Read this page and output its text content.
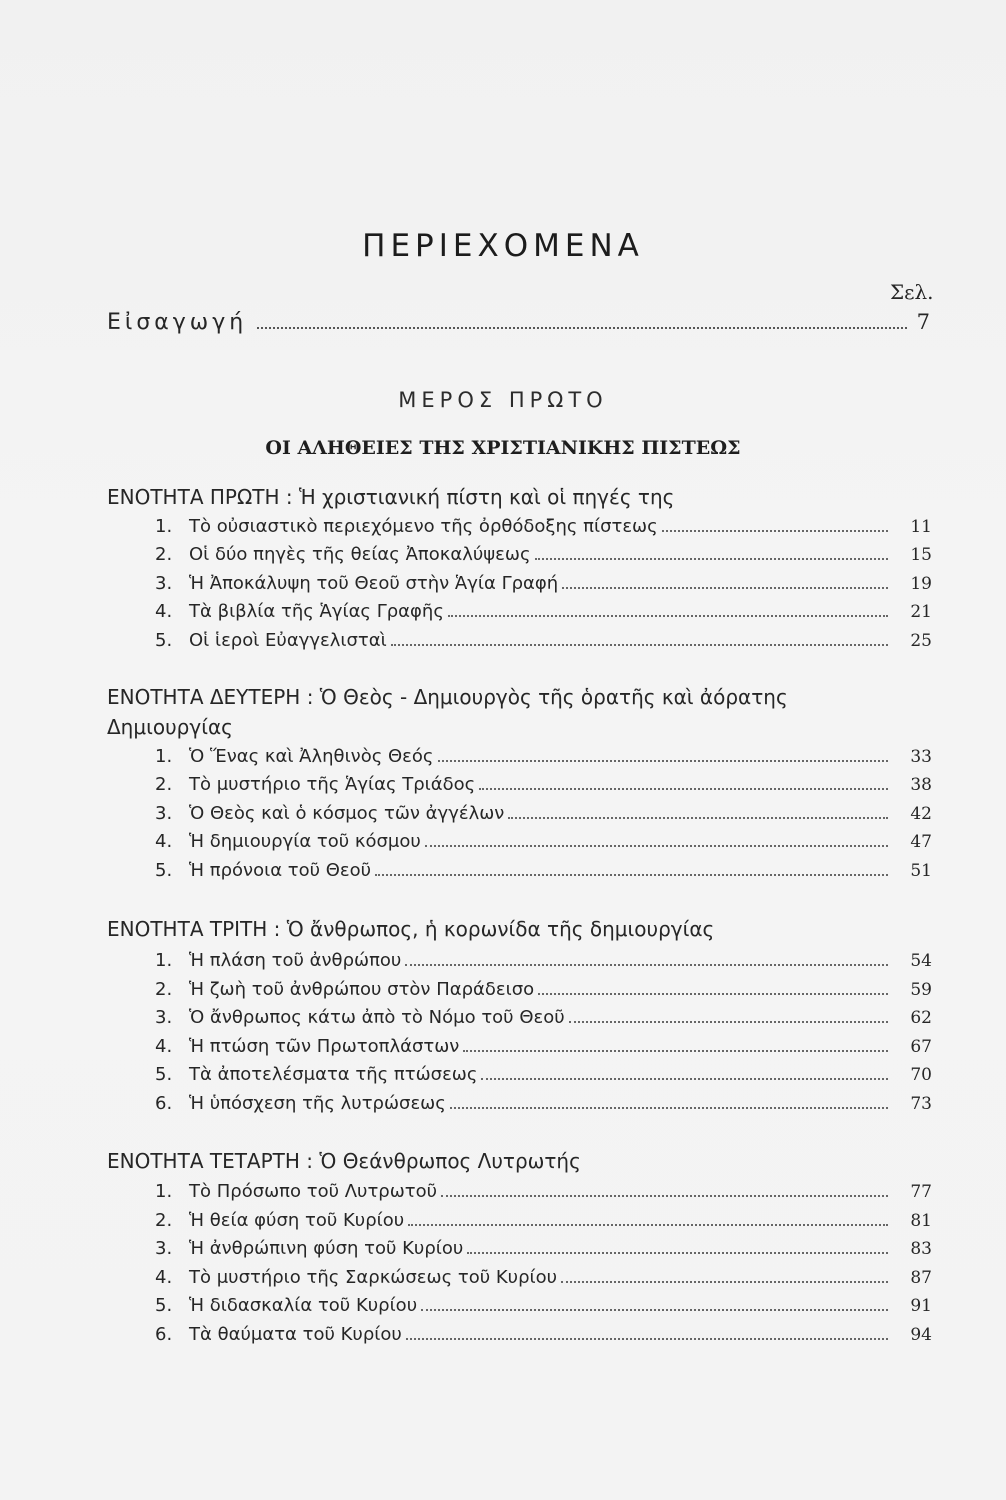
ΠΕΡΙΕΧΟΜΕΝΑ
Σελ.
Εἰσαγωγή	7
ΜΕΡΟΣ ΠΡΩΤΟ
ΟΙ ΑΛΗΘΕΙΕΣ ΤΗΣ ΧΡΙΣΤΙΑΝΙΚΗΣ ΠΙΣΤΕΩΣ
ΕΝΟΤΗΤΑ ΠΡΩΤΗ : Ἡ χριστιανική πίστη καὶ οἱ πηγές της
1. Τὸ οὐσιαστικὸ περιεχόμενο τῆς ὀρθόδοξης πίστεως	11
2. Οἱ δύο πηγὲς τῆς θείας Ἀποκαλύψεως	15
3. Ἡ Ἀποκάλυψη τοῦ Θεοῦ στὴν Ἁγία Γραφή	19
4. Τὰ βιβλία τῆς Ἁγίας Γραφῆς	21
5. Οἱ ἱεροὶ Εὐαγγελισταὶ	25
ΕΝΟΤΗΤΑ ΔΕΥΤΕΡΗ : Ὁ Θεὸς - Δημιουργὸς τῆς ὁρατῆς καὶ ἀόρατης Δημιουργίας
1. Ὁ Ἕνας καὶ Ἀληθινὸς Θεός	33
2. Τὸ μυστήριο τῆς Ἁγίας Τριάδος	38
3. Ὁ Θεὸς καὶ ὁ κόσμος τῶν ἀγγέλων	42
4. Ἡ δημιουργία τοῦ κόσμου	47
5. Ἡ πρόνοια τοῦ Θεοῦ	51
ΕΝΟΤΗΤΑ ΤΡΙΤΗ : Ὁ ἄνθρωπος, ἡ κορωνίδα τῆς δημιουργίας
1. Ἡ πλάση τοῦ ἀνθρώπου	54
2. Ἡ ζωὴ τοῦ ἀνθρώπου στὸν Παράδεισο	59
3. Ὁ ἄνθρωπος κάτω ἀπὸ τὸ Νόμο τοῦ Θεοῦ	62
4. Ἡ πτώση τῶν Πρωτοπλάστων	67
5. Τὰ ἀποτελέσματα τῆς πτώσεως	70
6. Ἡ ὑπόσχεση τῆς λυτρώσεως	73
ΕΝΟΤΗΤΑ ΤΕΤΑΡΤΗ : Ὁ Θεάνθρωπος Λυτρωτής
1. Τὸ Πρόσωπο τοῦ Λυτρωτοῦ	77
2. Ἡ θεία φύση τοῦ Κυρίου	81
3. Ἡ ἀνθρώπινη φύση τοῦ Κυρίου	83
4. Τὸ μυστήριο τῆς Σαρκώσεως τοῦ Κυρίου	87
5. Ἡ διδασκαλία τοῦ Κυρίου	91
6. Τὰ θαύματα τοῦ Κυρίου	94
